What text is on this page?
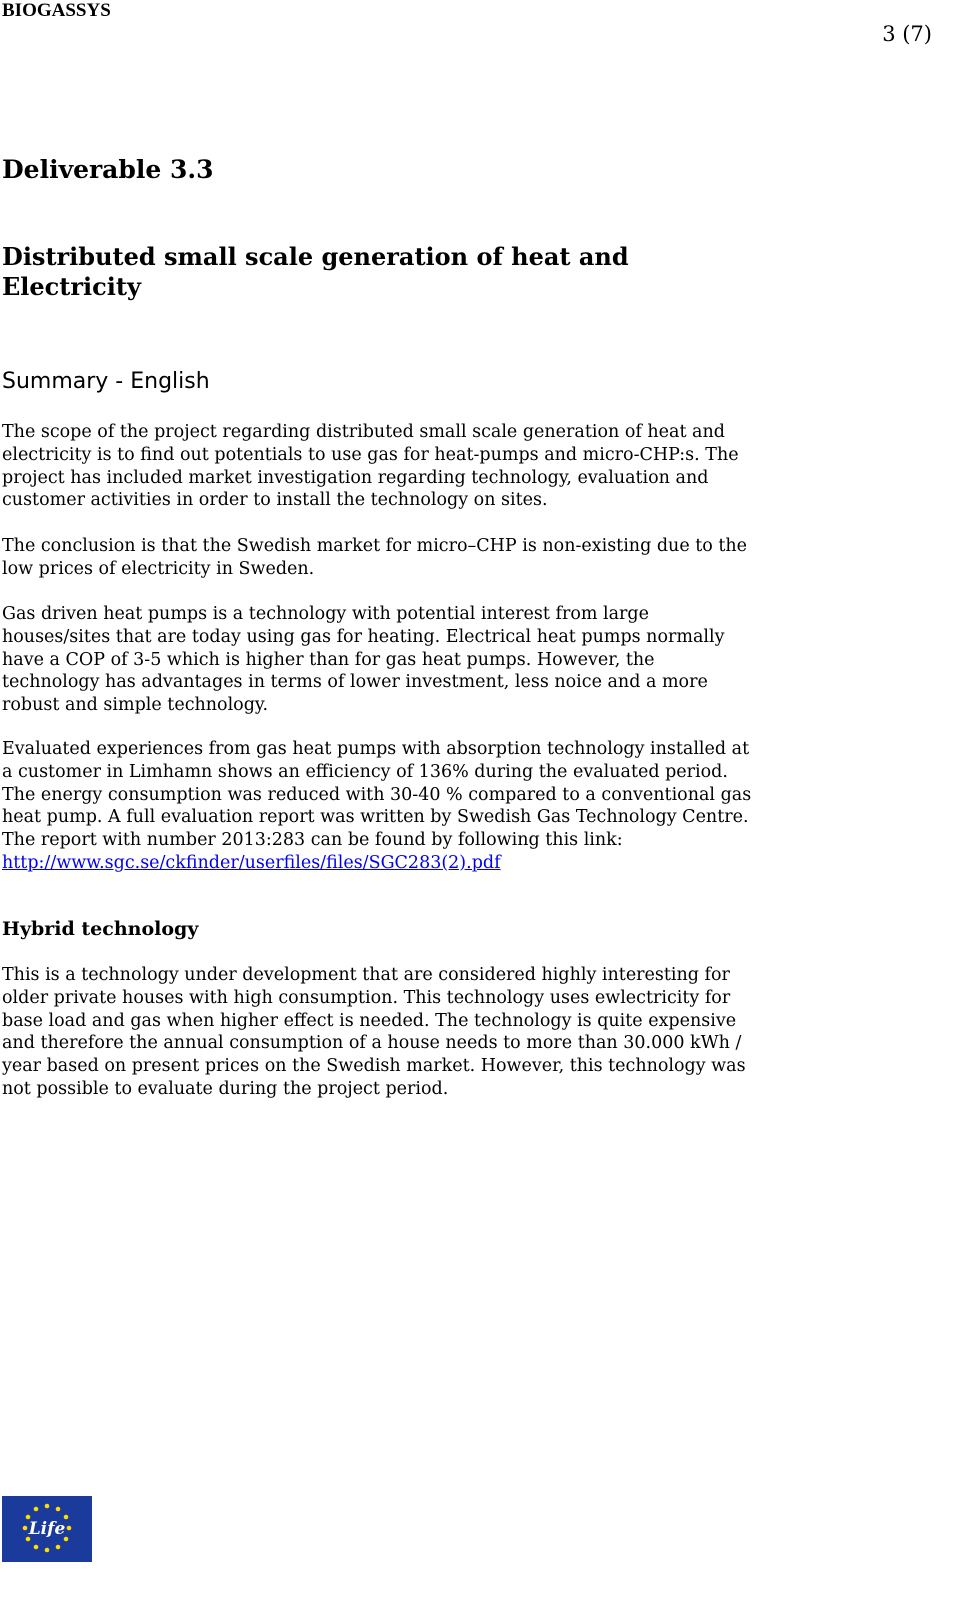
BIOGASSYS
3 (7)
Deliverable 3.3
Distributed small scale generation of heat and
Electricity
Summary - English

The scope of the project regarding distributed small scale generation of heat and
electricity is to find out potentials to use gas for heat-pumps and micro-CHP:s. The
project has included market investigation regarding technology, evaluation and
customer activities in order to install the technology on sites.

The conclusion is that the Swedish market for micro–CHP is non-existing due to the
low prices of electricity in Sweden.

Gas driven heat pumps is a technology with potential interest from large
houses/sites that are today using gas for heating. Electrical heat pumps normally
have a COP of 3-5 which is higher than for gas heat pumps. However, the
technology has advantages in terms of lower investment, less noice and a more
robust and simple technology.

Evaluated experiences from gas heat pumps with absorption technology installed at
a customer in Limhamn shows an efficiency of 136% during the evaluated period.
The energy consumption was reduced with 30-40 % compared to a conventional gas
heat pump. A full evaluation report was written by Swedish Gas Technology Centre.
The report with number 2013:283 can be found by following this link:
http://www.sgc.se/ckfinder/userfiles/files/SGC283(2).pdf

Hybrid technology

This is a technology under development that are considered highly interesting for
older private houses with high consumption. This technology uses ewlectricity for
base load and gas when higher effect is needed. The technology is quite expensive
and therefore the annual consumption of a house needs to more than 30.000 kWh /
year based on present prices on the Swedish market. However, this technology was
not possible to evaluate during the project period.

Life
